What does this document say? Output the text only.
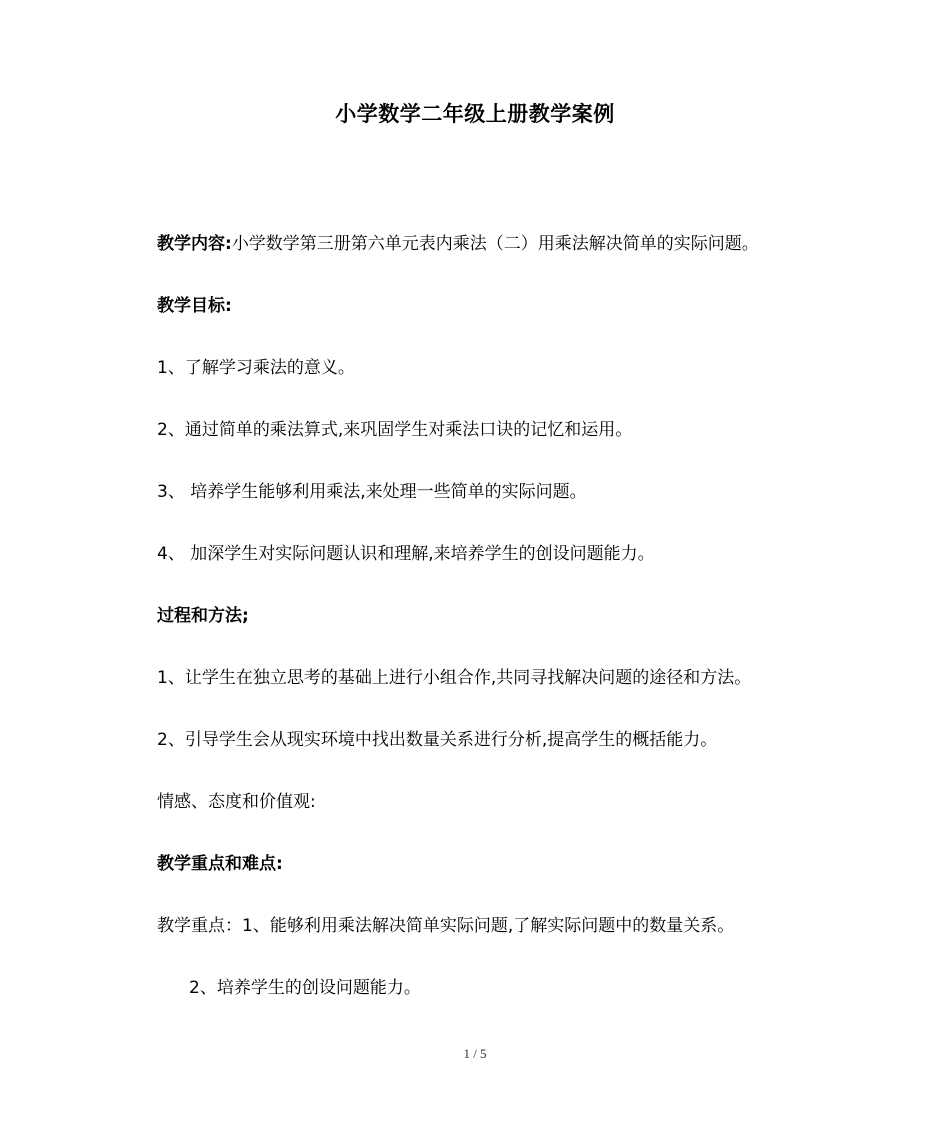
小学数学二年级上册教学案例
教学内容:小学数学第三册第六单元表内乘法（二）用乘法解决简单的实际问题。
教学目标:
1、了解学习乘法的意义。
2、通过简单的乘法算式,来巩固学生对乘法口诀的记忆和运用。
3、 培养学生能够利用乘法,来处理一些简单的实际问题。
4、 加深学生对实际问题认识和理解,来培养学生的创设问题能力。
过程和方法;
1、让学生在独立思考的基础上进行小组合作,共同寻找解决问题的途径和方法。
2、引导学生会从现实环境中找出数量关系进行分析,提高学生的概括能力。
情感、态度和价值观:
教学重点和难点:
教学重点：1、能够利用乘法解决简单实际问题,了解实际问题中的数量关系。
2、培养学生的创设问题能力。
1 / 5
